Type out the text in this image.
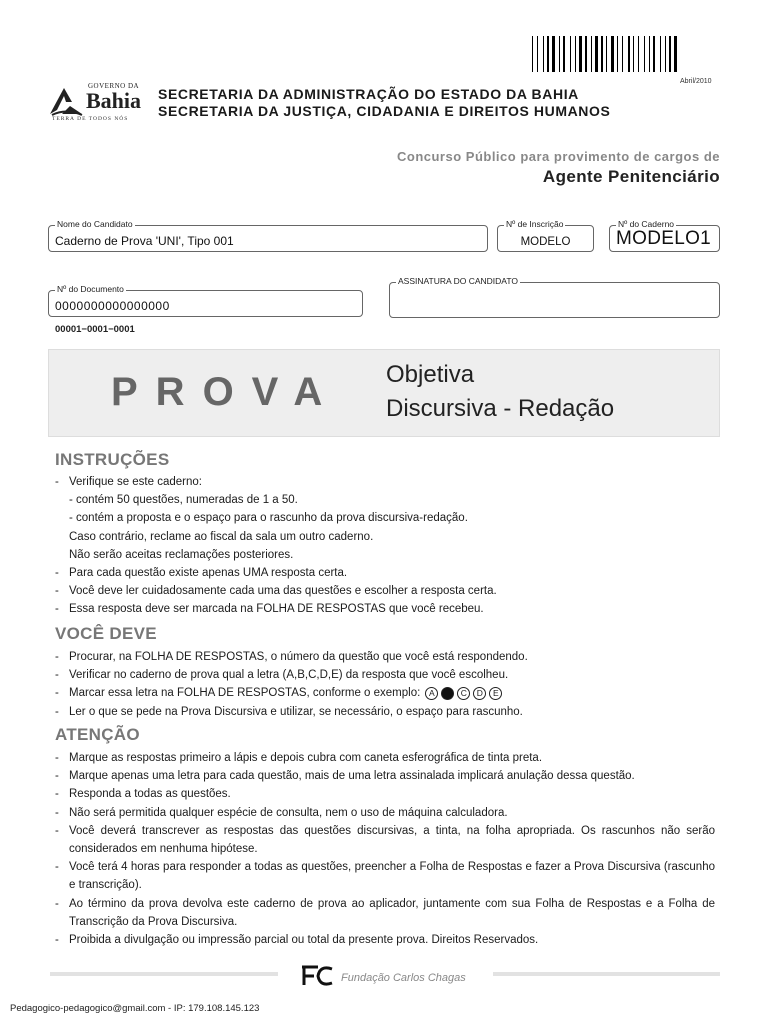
Abril/2010
GOVERNO DA
Bahia
TERRA DE TODOS NÓS
SECRETARIA DA ADMINISTRAÇÃO DO ESTADO DA BAHIA
SECRETARIA DA JUSTIÇA, CIDADANIA E DIREITOS HUMANOS
Concurso Público para provimento de cargos de
Agente Penitenciário
Nome do Candidato
Caderno de Prova 'UNI', Tipo 001
Nº de Inscrição
MODELO
Nº do Caderno
MODELO1
Nº do Documento
0000000000000000
ASSINATURA DO CANDIDATO
00001−0001−0001
PROVA Objetiva
Discursiva - Redação
INSTRUÇÕES
- Verifique se este caderno:
- contém 50 questões, numeradas de 1 a 50.
- contém a proposta e o espaço para o rascunho da prova discursiva-redação.
Caso contrário, reclame ao fiscal da sala um outro caderno.
Não serão aceitas reclamações posteriores.
- Para cada questão existe apenas UMA resposta certa.
- Você deve ler cuidadosamente cada uma das questões e escolher a resposta certa.
- Essa resposta deve ser marcada na FOLHA DE RESPOSTAS que você recebeu.
VOCÊ DEVE
- Procurar, na FOLHA DE RESPOSTAS, o número da questão que você está respondendo.
- Verificar no caderno de prova qual a letra (A,B,C,D,E) da resposta que você escolheu.
- Marcar essa letra na FOLHA DE RESPOSTAS, conforme o exemplo:	A	C	D	E
- Ler o que se pede na Prova Discursiva e utilizar, se necessário, o espaço para rascunho.
ATENÇÃO
- Marque as respostas primeiro a lápis e depois cubra com caneta esferográfica de tinta preta.
- Marque apenas uma letra para cada questão, mais de uma letra assinalada implicará anulação dessa questão.
- Responda a todas as questões.
- Não será permitida qualquer espécie de consulta, nem o uso de máquina calculadora.
- Você deverá transcrever as respostas das questões discursivas, a tinta, na folha apropriada. Os rascunhos não serão considerados em nenhuma hipótese.
- Você terá 4 horas para responder a todas as questões, preencher a Folha de Respostas e fazer a Prova Discursiva (rascunho e transcrição).
- Ao término da prova devolva este caderno de prova ao aplicador, juntamente com sua Folha de Respostas e a Folha de Transcrição da Prova Discursiva.
- Proibida a divulgação ou impressão parcial ou total da presente prova. Direitos Reservados.
Fundação Carlos Chagas
Pedagogico-pedagogico@gmail.com - IP: 179.108.145.123
